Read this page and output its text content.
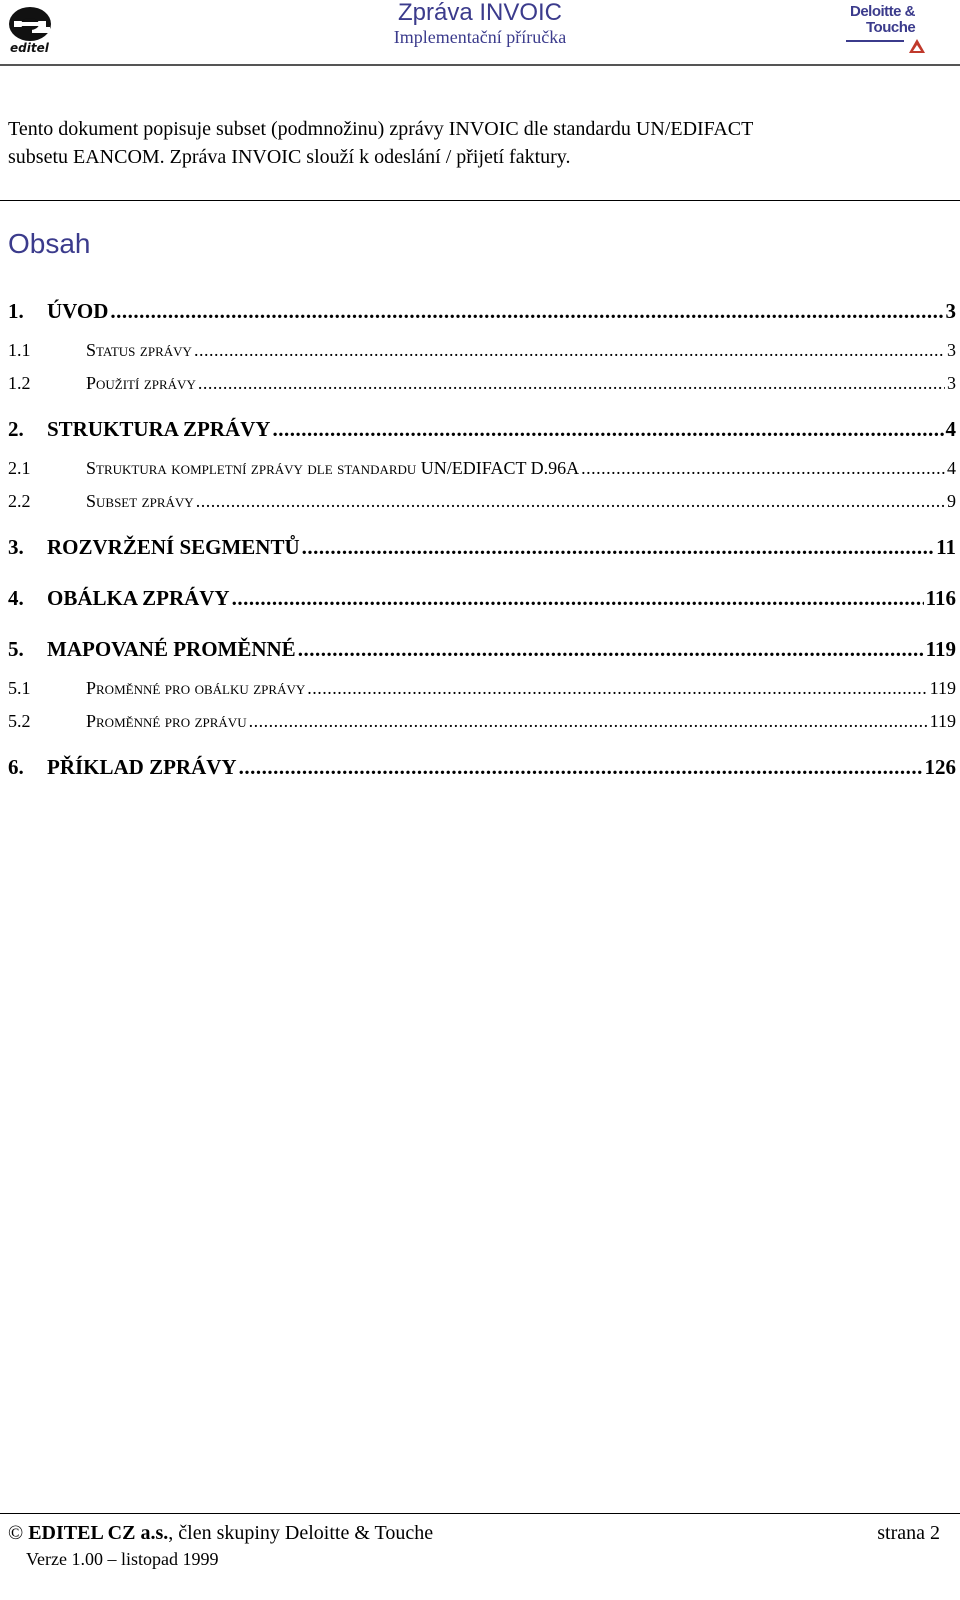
editel
Zpráva INVOIC
Implementační příručka
Deloitte &
Touche

Tento dokument popisuje subset (podmnožinu) zprávy INVOIC dle standardu UN/EDIFACT
subsetu EANCOM. Zpráva INVOIC slouží k odeslání / přijetí faktury.

Obsah
1.	ÚVOD .....	3
1.1	Status zprávy .....	3
1.2	Použití zprávy .....	3
2.	STRUKTURA ZPRÁVY .....	4
2.1	Struktura kompletní zprávy dle standardu UN/EDIFACT D.96A .....	4
2.2	Subset zprávy .....	9
3.	ROZVRŽENÍ SEGMENTŮ .....	11
4.	OBÁLKA ZPRÁVY .....	116
5.	MAPOVANÉ PROMĚNNÉ .....	119
5.1	Proměnné pro obálku zprávy .....	119
5.2	Proměnné pro zprávu .....	119
6.	PŘÍKLAD ZPRÁVY .....	126
© EDITEL CZ a.s., člen skupiny Deloitte & Touche	strana 2
Verze 1.00 – listopad 1999
